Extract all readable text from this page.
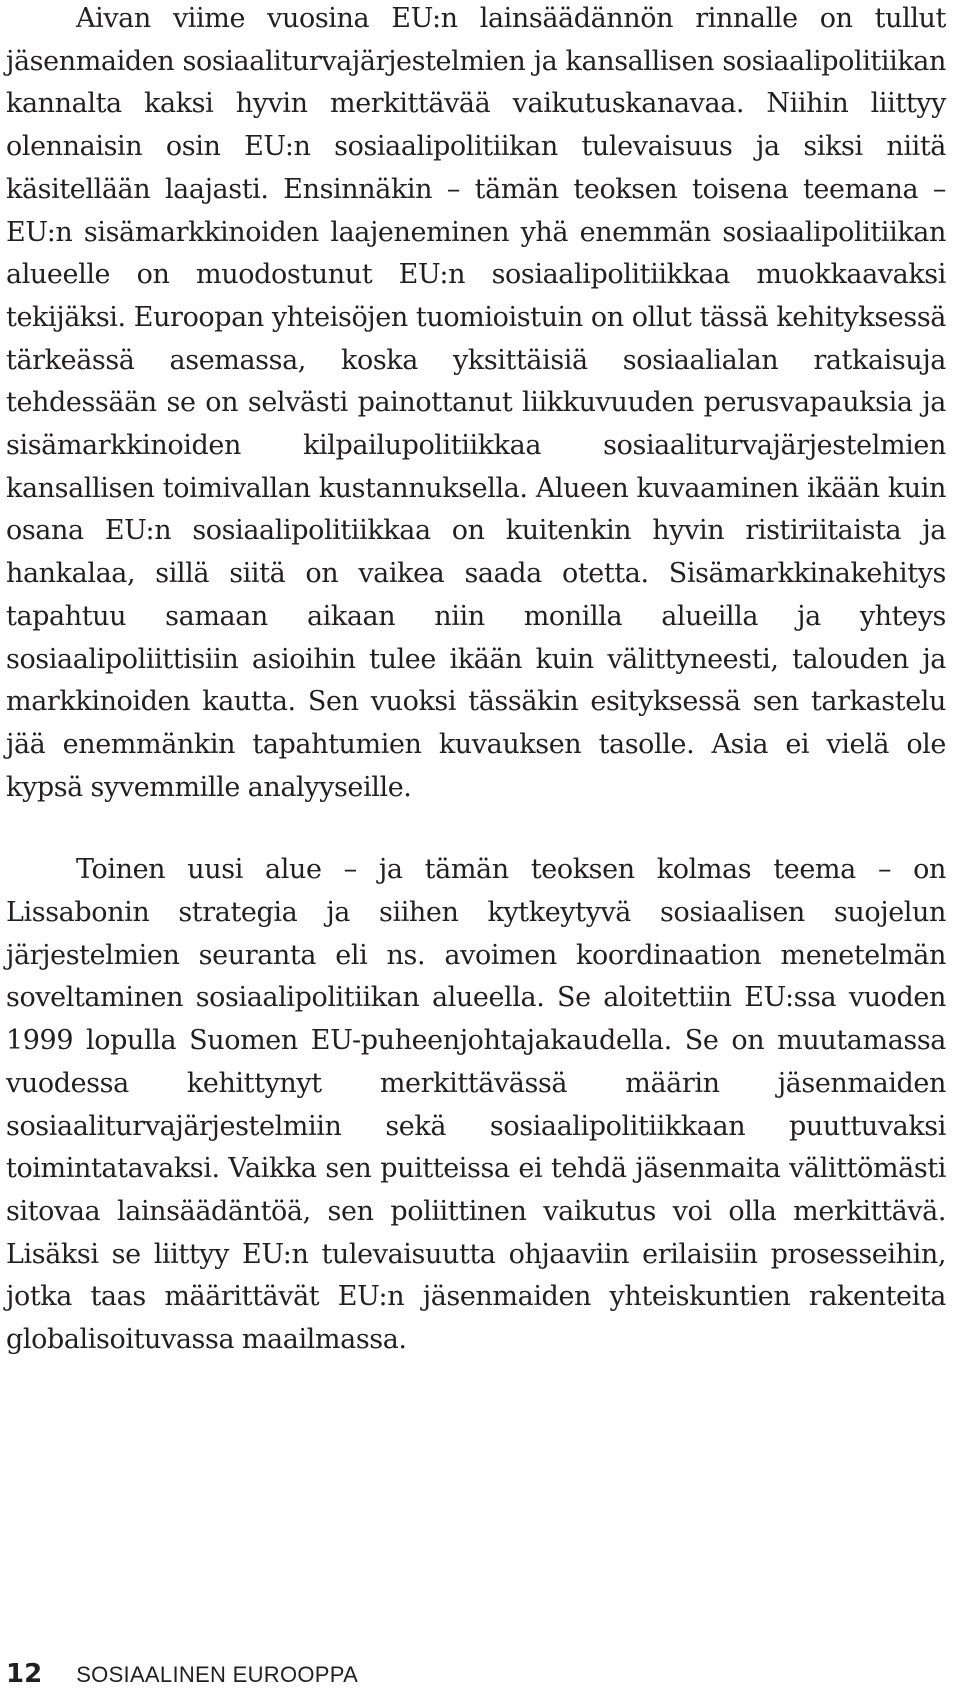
Aivan viime vuosina EU:n lainsäädännön rinnalle on tullut jäsenmaiden sosiaaliturvajärjestelmien ja kansallisen sosiaalipolitiikan kannalta kaksi hyvin merkittävää vaikutuskanavaa. Niihin liittyy olennaisin osin EU:n sosiaalipolitiikan tulevaisuus ja siksi niitä käsitellään laajasti. Ensinnäkin – tämän teoksen toisena teemana – EU:n sisämarkkinoiden laajeneminen yhä enemmän sosiaalipolitiikan alueelle on muodostunut EU:n sosiaalipolitiikkaa muokkaavaksi tekijäksi. Euroopan yhteisöjen tuomioistuin on ollut tässä kehityksessä tärkeässä asemassa, koska yksittäisiä sosiaalialan ratkaisuja tehdessään se on selvästi painottanut liikkuvuuden perusvapauksia ja sisämarkkinoiden kilpailupolitiikkaa sosiaaliturvajärjestelmien kansallisen toimivallan kustannuksella. Alueen kuvaaminen ikään kuin osana EU:n sosiaalipolitiikkaa on kuitenkin hyvin ristiriitaista ja hankalaa, sillä siitä on vaikea saada otetta. Sisämarkkinakehitys tapahtuu samaan aikaan niin monilla alueilla ja yhteys sosiaalipoliittisiin asioihin tulee ikään kuin välittyneesti, talouden ja markkinoiden kautta. Sen vuoksi tässäkin esityksessä sen tarkastelu jää enemmänkin tapahtumien kuvauksen tasolle. Asia ei vielä ole kypsä syvemmille analyyseille.

Toinen uusi alue – ja tämän teoksen kolmas teema – on Lissabonin strategia ja siihen kytkeytyvä sosiaalisen suojelun järjestelmien seuranta eli ns. avoimen koordinaation menetelmän soveltaminen sosiaalipolitiikan alueella. Se aloitettiin EU:ssa vuoden 1999 lopulla Suomen EU-puheenjohtajakaudella. Se on muutamassa vuodessa kehittynyt merkittävässä määrin jäsenmaiden sosiaaliturvajärjestelmiin sekä sosiaalipolitiikkaan puuttuvaksi toimintatavaksi. Vaikka sen puitteissa ei tehdä jäsenmaita välittömästi sitovaa lainsäädäntöä, sen poliittinen vaikutus voi olla merkittävä. Lisäksi se liittyy EU:n tulevaisuutta ohjaaviin erilaisiin prosesseihin, jotka taas määrittävät EU:n jäsenmaiden yhteiskuntien rakenteita globalisoituvassa maailmassa.

12 SOSIAALINEN EUROOPPA
